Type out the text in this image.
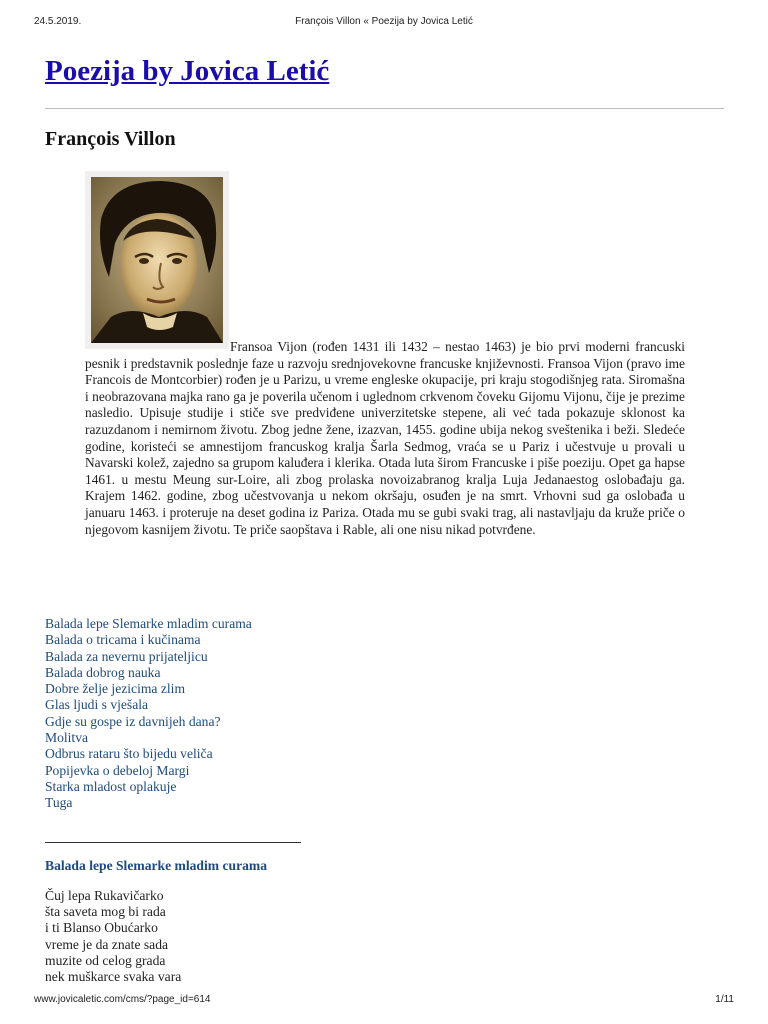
24.5.2019.	François Villon « Poezija by Jovica Letić
Poezija by Jovica Letić
François Villon

Fransoa Vijon (rođen 1431 ili 1432 – nestao 1463) je bio prvi moderni francuski pesnik i predstavnik poslednje faze u razvoju srednjovekovne francuske književnosti. Fransoa Vijon (pravo ime Francois de Montcorbier) rođen je u Parizu, u vreme engleske okupacije, pri kraju stogodišnjeg rata. Siromašna i neobrazovana majka rano ga je poverila učenom i uglednom crkvenom čoveku Gijomu Vijonu, čije je prezime nasledio. Upisuje studije i stiče sve predviđene univerzitetske stepene, ali već tada pokazuje sklonost ka razuzdanom i nemirnom životu. Zbog jedne žene, izazvan, 1455. godine ubija nekog sveštenika i beži. Sledeće godine, koristeći se amnestijom francuskog kralja Šarla Sedmog, vraća se u Pariz i učestvuje u provali u Navarski kolež, zajedno sa grupom kaluđera i klerika. Otada luta širom Francuske i piše poeziju. Opet ga hapse 1461. u mestu Meung sur-Loire, ali zbog prolaska novoizabranog kralja Luja Jedanaestog oslobađaju ga. Krajem 1462. godine, zbog učestvovanja u nekom okršaju, osuđen je na smrt. Vrhovni sud ga oslobađa u januaru 1463. i proteruje na deset godina iz Pariza. Otada mu se gubi svaki trag, ali nastavljaju da kruže priče o njegovom kasnijem životu. Te priče saopštava i Rable, ali one nisu nikad potvrđene.

Balada lepe Slemarke mladim curama
Balada o tricama i kučinama
Balada za nevernu prijateljicu
Balada dobrog nauka
Dobre želje jezicima zlim
Glas ljudi s vješala
Gdje su gospe iz davnijeh dana?
Molitva
Odbrus rataru što bijedu veliča
Popijevka o debeloj Margi
Starka mladost oplakuje
Tuga
Balada lepe Slemarke mladim curama
Čuj lepa Rukavičarko
šta saveta mog bi rada
i ti Blanso Obućarko
vreme je da znate sada
muzite od celog grada
nek muškarce svaka vara
www.jovicaletic.com/cms/?page_id=614	1/11
